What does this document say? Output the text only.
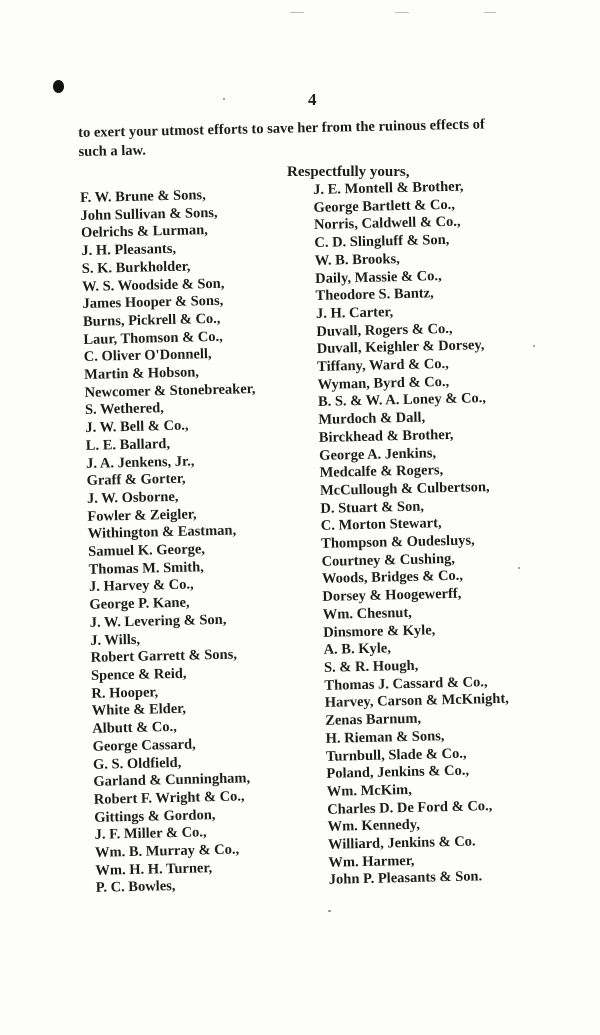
4
to exert your utmost efforts to save her from the ruinous effects of
such a law.
Respectfully yours,
F. W. Brune & Sons,
John Sullivan & Sons,
Oelrichs & Lurman,
J. H. Pleasants,
S. K. Burkholder,
W. S. Woodside & Son,
James Hooper & Sons,
Burns, Pickrell & Co.,
Laur, Thomson & Co.,
C. Oliver O'Donnell,
Martin & Hobson,
Newcomer & Stonebreaker,
S. Wethered,
J. W. Bell & Co.,
L. E. Ballard,
J. A. Jenkens, Jr.,
Graff & Gorter,
J. W. Osborne,
Fowler & Zeigler,
Withington & Eastman,
Samuel K. George,
Thomas M. Smith,
J. Harvey & Co.,
George P. Kane,
J. W. Levering & Son,
J. Wills,
Robert Garrett & Sons,
Spence & Reid,
R. Hooper,
White & Elder,
Albutt & Co.,
George Cassard,
G. S. Oldfield,
Garland & Cunningham,
Robert F. Wright & Co.,
Gittings & Gordon,
J. F. Miller & Co.,
Wm. B. Murray & Co.,
Wm. H. H. Turner,
P. C. Bowles,
J. E. Montell & Brother,
George Bartlett & Co.,
Norris, Caldwell & Co.,
C. D. Slingluff & Son,
W. B. Brooks,
Daily, Massie & Co.,
Theodore S. Bantz,
J. H. Carter,
Duvall, Rogers & Co.,
Duvall, Keighler & Dorsey,
Tiffany, Ward & Co.,
Wyman, Byrd & Co.,
B. S. & W. A. Loney & Co.,
Murdoch & Dall,
Birckhead & Brother,
George A. Jenkins,
Medcalfe & Rogers,
McCullough & Culbertson,
D. Stuart & Son,
C. Morton Stewart,
Thompson & Oudesluys,
Courtney & Cushing,
Woods, Bridges & Co.,
Dorsey & Hoogewerff,
Wm. Chesnut,
Dinsmore & Kyle,
A. B. Kyle,
S. & R. Hough,
Thomas J. Cassard & Co.,
Harvey, Carson & McKnight,
Zenas Barnum,
H. Rieman & Sons,
Turnbull, Slade & Co.,
Poland, Jenkins & Co.,
Wm. McKim,
Charles D. De Ford & Co.,
Wm. Kennedy,
Williard, Jenkins & Co.
Wm. Harmer,
John P. Pleasants & Son.
